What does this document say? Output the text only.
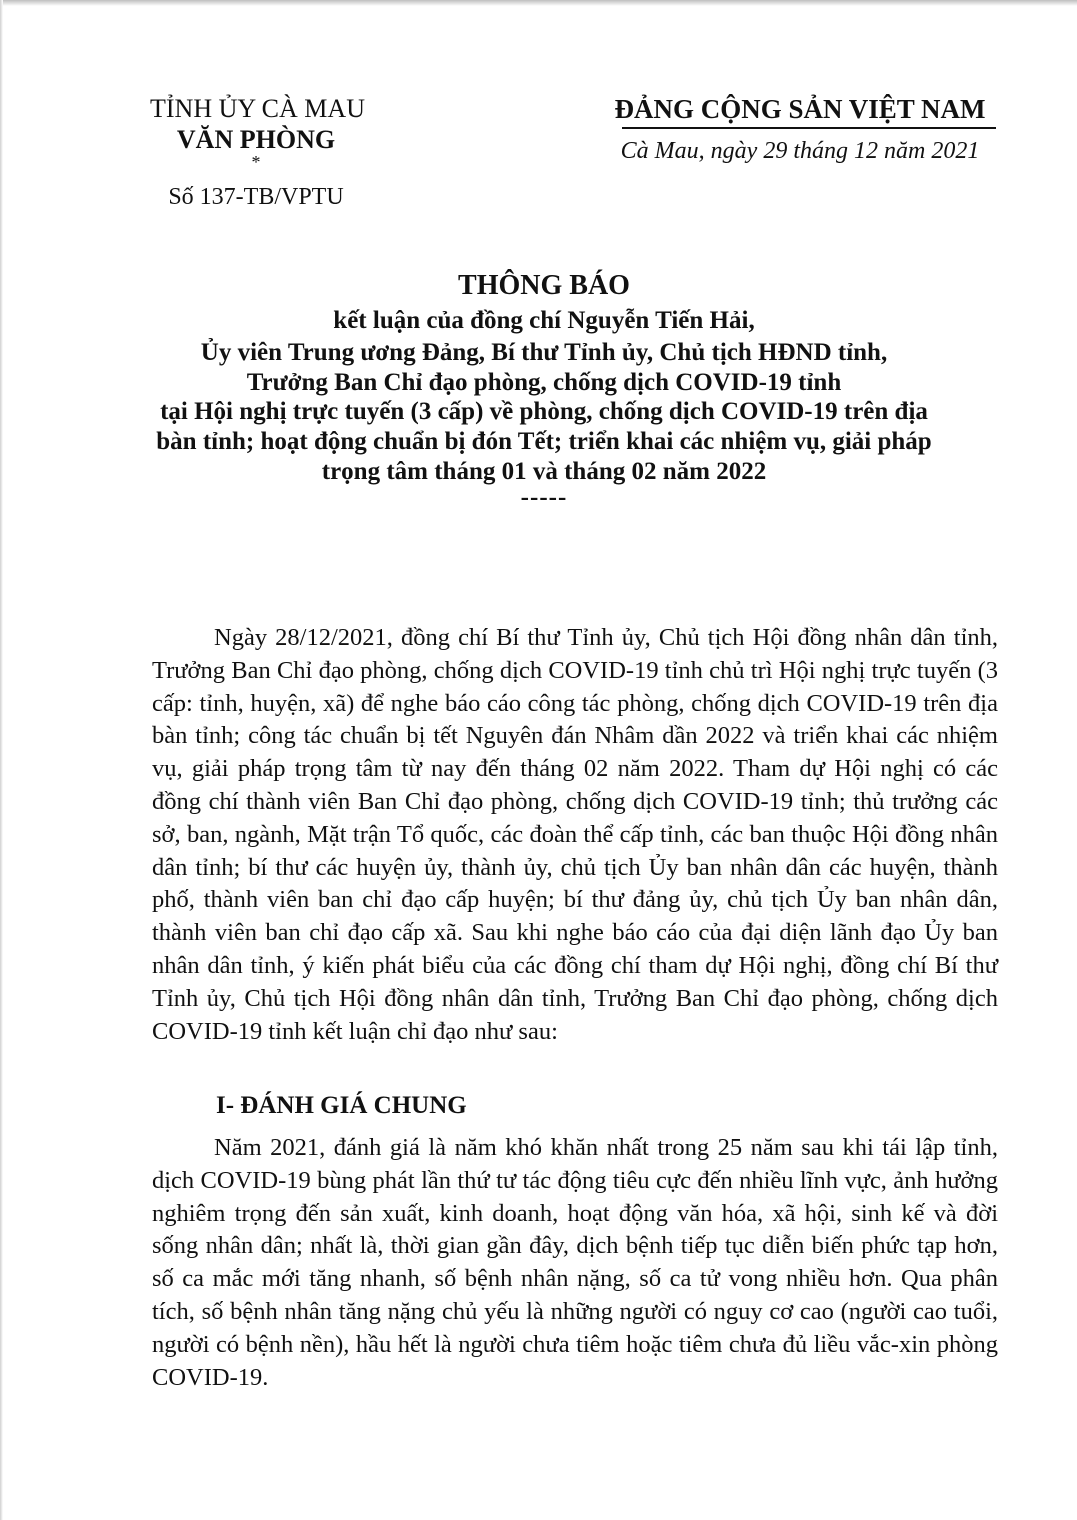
TỈNH ỦY CÀ MAU
VĂN PHÒNG
*
Số 137-TB/VPTU
ĐẢNG CỘNG SẢN VIỆT NAM
Cà Mau, ngày 29 tháng 12 năm 2021
THÔNG BÁO
kết luận của đồng chí Nguyễn Tiến Hải,
Ủy viên Trung ương Đảng, Bí thư Tỉnh ủy, Chủ tịch HĐND tỉnh,
Trưởng Ban Chỉ đạo phòng, chống dịch COVID-19 tỉnh
tại Hội nghị trực tuyến (3 cấp) về phòng, chống dịch COVID-19 trên địa
bàn tỉnh; hoạt động chuẩn bị đón Tết; triển khai các nhiệm vụ, giải pháp
trọng tâm tháng 01 và tháng 02 năm 2022
-----

Ngày 28/12/2021, đồng chí Bí thư Tỉnh ủy, Chủ tịch Hội đồng nhân dân tỉnh, Trưởng Ban Chỉ đạo phòng, chống dịch COVID-19 tỉnh chủ trì Hội nghị trực tuyến (3 cấp: tỉnh, huyện, xã) để nghe báo cáo công tác phòng, chống dịch COVID-19 trên địa bàn tỉnh; công tác chuẩn bị tết Nguyên đán Nhâm dần 2022 và triển khai các nhiệm vụ, giải pháp trọng tâm từ nay đến tháng 02 năm 2022. Tham dự Hội nghị có các đồng chí thành viên Ban Chỉ đạo phòng, chống dịch COVID-19 tỉnh; thủ trưởng các sở, ban, ngành, Mặt trận Tổ quốc, các đoàn thể cấp tỉnh, các ban thuộc Hội đồng nhân dân tỉnh; bí thư các huyện ủy, thành ủy, chủ tịch Ủy ban nhân dân các huyện, thành phố, thành viên ban chỉ đạo cấp huyện; bí thư đảng ủy, chủ tịch Ủy ban nhân dân, thành viên ban chỉ đạo cấp xã. Sau khi nghe báo cáo của đại diện lãnh đạo Ủy ban nhân dân tỉnh, ý kiến phát biểu của các đồng chí tham dự Hội nghị, đồng chí Bí thư Tỉnh ủy, Chủ tịch Hội đồng nhân dân tỉnh, Trưởng Ban Chỉ đạo phòng, chống dịch COVID-19 tỉnh kết luận chỉ đạo như sau:

I- ĐÁNH GIÁ CHUNG

Năm 2021, đánh giá là năm khó khăn nhất trong 25 năm sau khi tái lập tỉnh, dịch COVID-19 bùng phát lần thứ tư tác động tiêu cực đến nhiều lĩnh vực, ảnh hưởng nghiêm trọng đến sản xuất, kinh doanh, hoạt động văn hóa, xã hội, sinh kế và đời sống nhân dân; nhất là, thời gian gần đây, dịch bệnh tiếp tục diễn biến phức tạp hơn, số ca mắc mới tăng nhanh, số bệnh nhân nặng, số ca tử vong nhiều hơn. Qua phân tích, số bệnh nhân tăng nặng chủ yếu là những người có nguy cơ cao (người cao tuổi, người có bệnh nền), hầu hết là người chưa tiêm hoặc tiêm chưa đủ liều vắc-xin phòng COVID-19.
